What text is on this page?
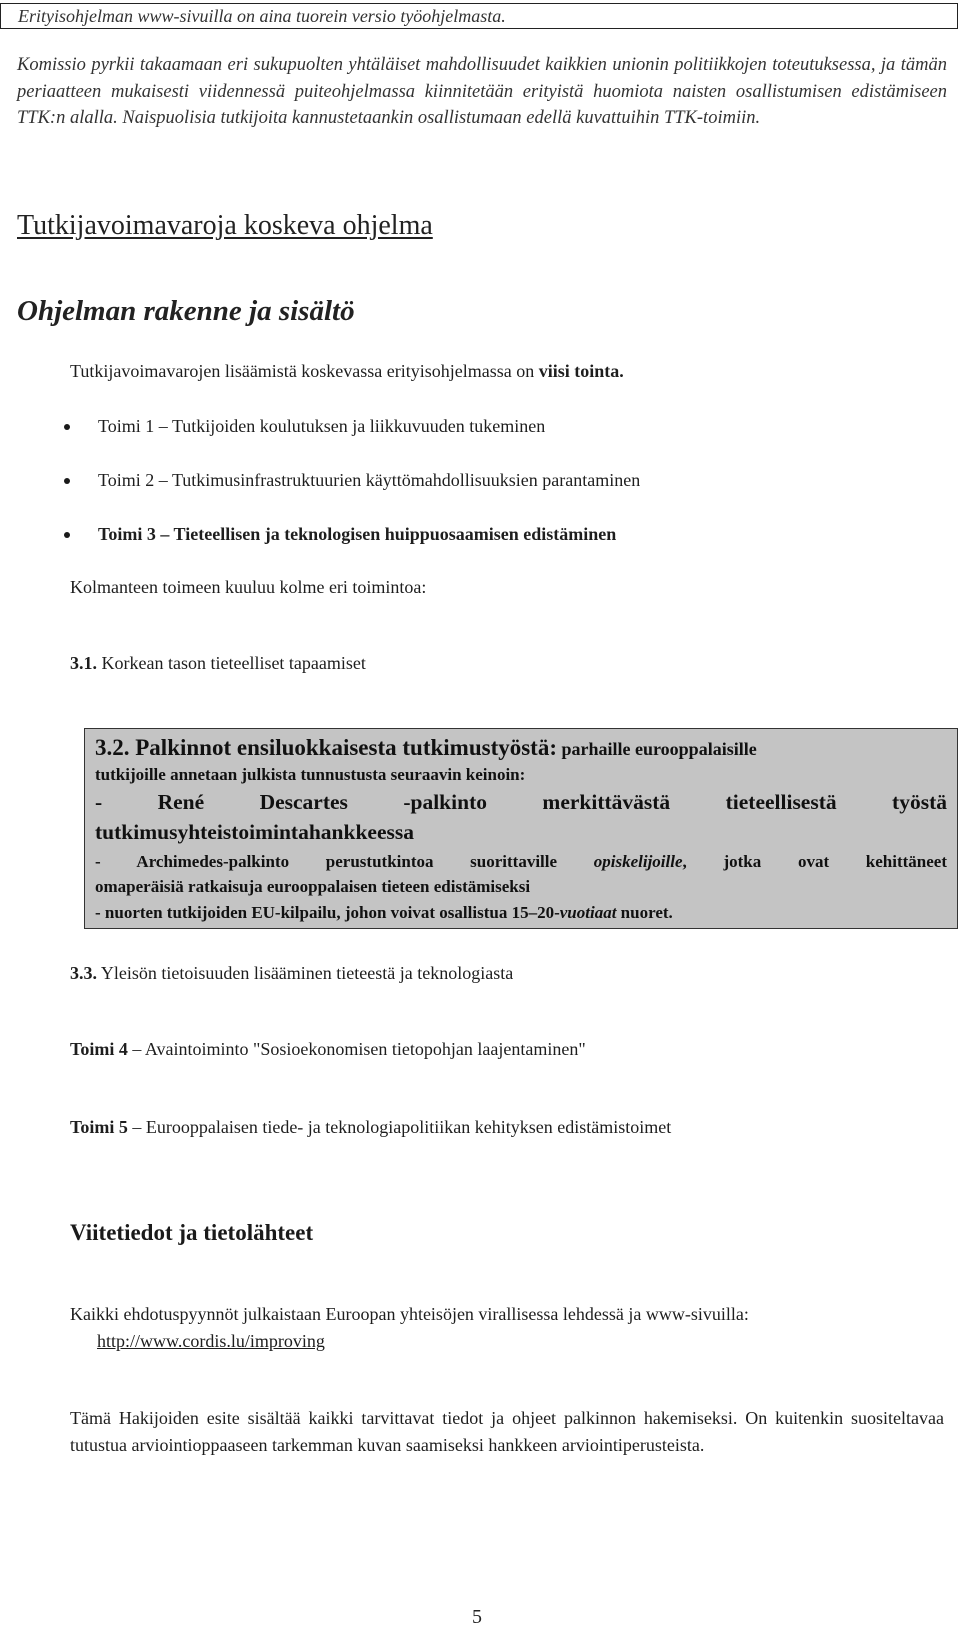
Erityisohjelman www-sivuilla on aina tuorein versio työohjelmasta.
Komissio pyrkii takaamaan eri sukupuolten yhtäläiset mahdollisuudet kaikkien unionin politiikkojen toteutuksessa, ja tämän periaatteen mukaisesti viidennessä puiteohjelmassa kiinnitetään erityistä huomiota naisten osallistumisen edistämiseen TTK:n alalla. Naispuolisia tutkijoita kannustetaankin osallistumaan edellä kuvattuihin TTK-toimiin.
Tutkijavoimavaroja koskeva ohjelma
Ohjelman rakenne ja sisältö
Tutkijavoimavarojen lisäämistä koskevassa erityisohjelmassa on viisi tointa.
Toimi 1 – Tutkijoiden koulutuksen ja liikkuvuuden tukeminen
Toimi 2 – Tutkimusinfrastruktuurien käyttömahdollisuuksien parantaminen
Toimi 3 – Tieteellisen ja teknologisen huippuosaamisen edistäminen
Kolmanteen toimeen kuuluu kolme eri toimintoa:
3.1. Korkean tason tieteelliset tapaamiset
3.2. Palkinnot ensiluokkaisesta tutkimustyöstä: parhaille eurooppalaisille
tutkijoille annetaan julkista tunnustusta seuraavin keinoin:
- René Descartes -palkinto merkittävästä tieteellisestä työstä
tutkimusyhteistoimintahankkeessa
- Archimedes-palkinto perustutkintoa suorittaville opiskelijoille, jotka ovat kehittäneet
omaperäisiä ratkaisuja eurooppalaisen tieteen edistämiseksi
- nuorten tutkijoiden EU-kilpailu, johon voivat osallistua 15–20-vuotiaat nuoret.
3.3. Yleisön tietoisuuden lisääminen tieteestä ja teknologiasta
Toimi 4 – Avaintoiminto "Sosioekonomisen tietopohjan laajentaminen"
Toimi 5 – Eurooppalaisen tiede- ja teknologiapolitiikan kehityksen edistämistoimet
Viitetiedot ja tietolähteet
Kaikki ehdotuspyynnöt julkaistaan Euroopan yhteisöjen virallisessa lehdessä ja www-sivuilla:
http://www.cordis.lu/improving
Tämä Hakijoiden esite sisältää kaikki tarvittavat tiedot ja ohjeet palkinnon hakemiseksi. On kuitenkin suositeltavaa tutustua arviointioppaaseen tarkemman kuvan saamiseksi hankkeen arviointiperusteista.
5
